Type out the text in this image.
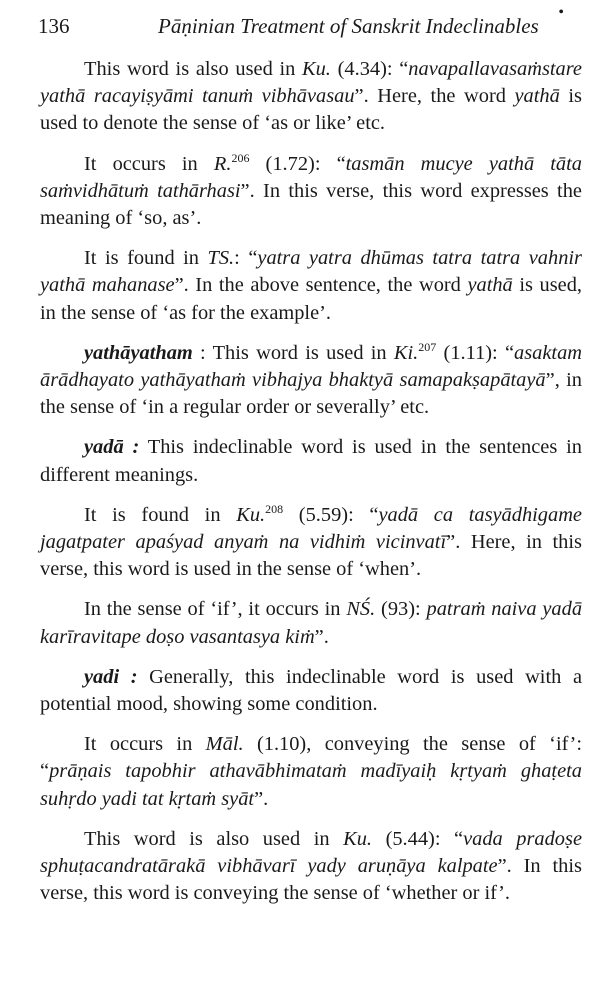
136	Pāṇinian Treatment of Sanskrit Indeclinables
•

This word is also used in Ku. (4.34): “navapallavasaṁstare yathā racayiṣyāmi tanuṁ vibhāvasau”. Here, the word yathā is used to denote the sense of ‘as or like’ etc.

It occurs in R.$^{206}$ (1.72): “tasmān mucye yathā tāta saṁvidhātuṁ tathārhasi”. In this verse, this word expresses the meaning of ‘so, as’.

It is found in TS.: “yatra yatra dhūmas tatra tatra vahnir yathā mahanase”. In the above sentence, the word yathā is used, in the sense of ‘as for the example’.

yathāyatham : This word is used in Ki.$^{207}$ (1.11): “asaktam ārādhayato yathāyathaṁ vibhajya bhaktyā samapakṣapātayā”, in the sense of ‘in a regular order or severally’ etc.

yadā : This indeclinable word is used in the sentences in different meanings.

It is found in Ku.$^{208}$ (5.59): “yadā ca tasyādhigame jagatpater apaśyad anyaṁ na vidhiṁ vicinvatī”. Here, in this verse, this word is used in the sense of ‘when’.

In the sense of ‘if’, it occurs in NŚ. (93): patraṁ naiva yadā karīravitape doṣo vasantasya kiṁ”.

yadi : Generally, this indeclinable word is used with a potential mood, showing some condition.

It occurs in Māl. (1.10), conveying the sense of ‘if’: “prāṇais tapobhir athavābhimataṁ madīyaiḥ kṛtyaṁ ghaṭeta suhṛdo yadi tat kṛtaṁ syāt”.

This word is also used in Ku. (5.44): “vada pradoṣe sphuṭacandratārakā vibhāvarī yady aruṇāya kalpate”. In this verse, this word is conveying the sense of ‘whether or if’.
